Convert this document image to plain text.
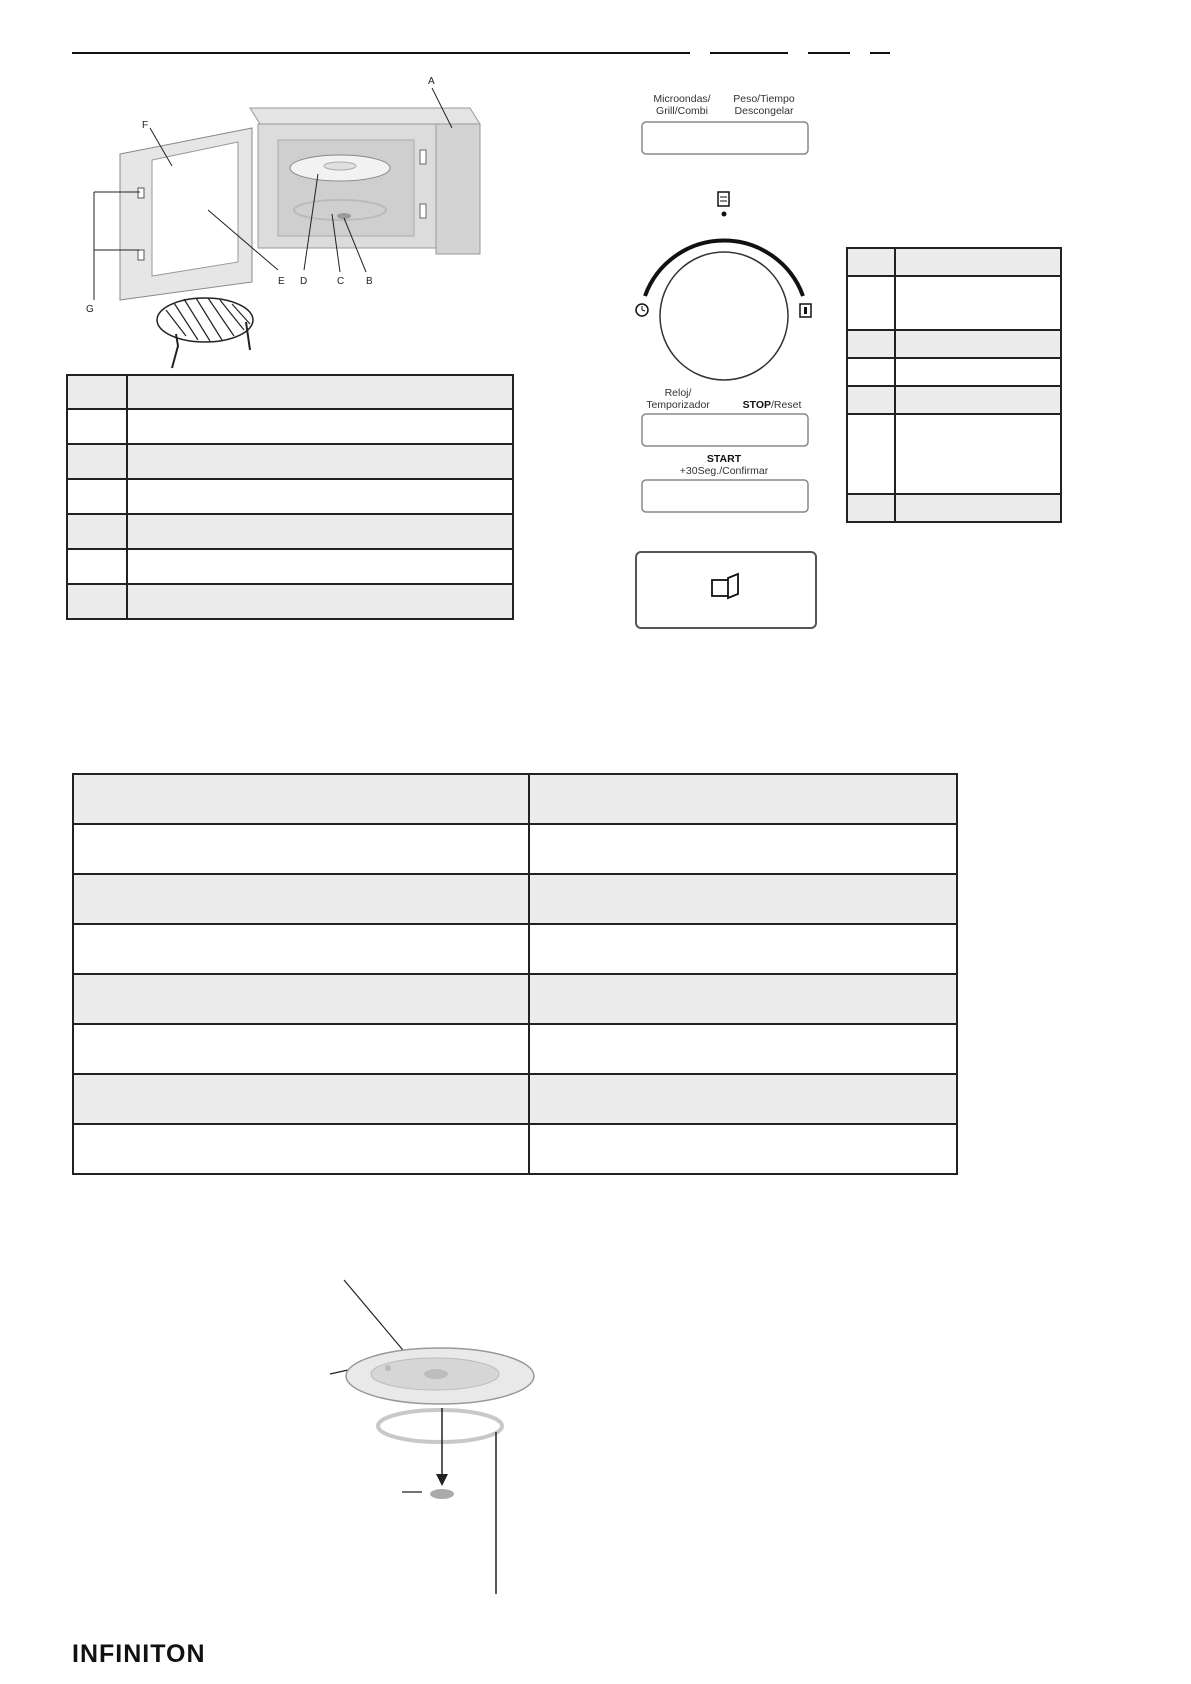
A
F
G
E D	C B

Microondas/
Grill/Combi
Peso/Tiempo
Descongelar
Reloj/
Temporizador	STOP/Reset
START
+30Seg./Confirmar

INFINITON
